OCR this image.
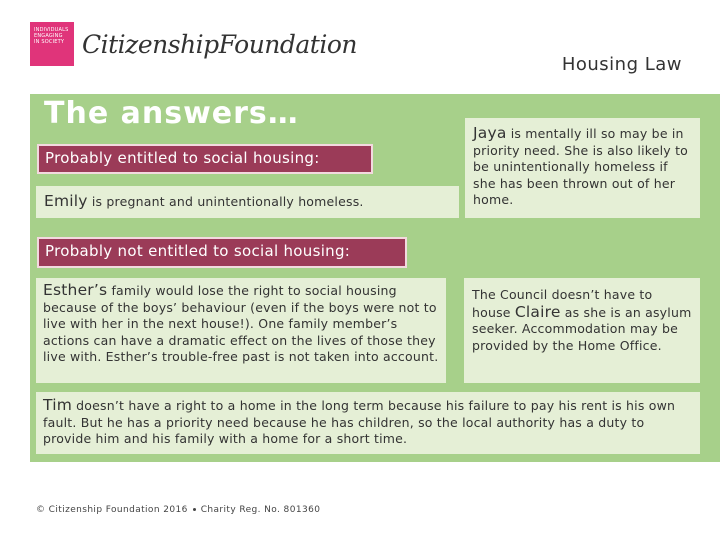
INDIVIDUALS ENGAGING IN SOCIETY CitizenshipFoundation
Housing Law
The answers…
Probably entitled to social housing:
Emily is pregnant and unintentionally homeless.
Jaya is mentally ill so may be in priority need. She is also likely to be unintentionally homeless if she has been thrown out of her home.
Probably not entitled to social housing:
Esther’s family would lose the right to social housing because of the boys’ behaviour (even if the boys were not to live with her in the next house!). One family member’s actions can have a dramatic effect on the lives of those they live with. Esther’s trouble-free past is not taken into account.
The Council doesn’t have to house Claire as she is an asylum seeker. Accommodation may be provided by the Home Office.
Tim doesn’t have a right to a home in the long term because his failure to pay his rent is his own fault. But he has a priority need because he has children, so the local authority has a duty to provide him and his family with a home for a short time.
© Citizenship Foundation 2016 Charity Reg. No. 801360
